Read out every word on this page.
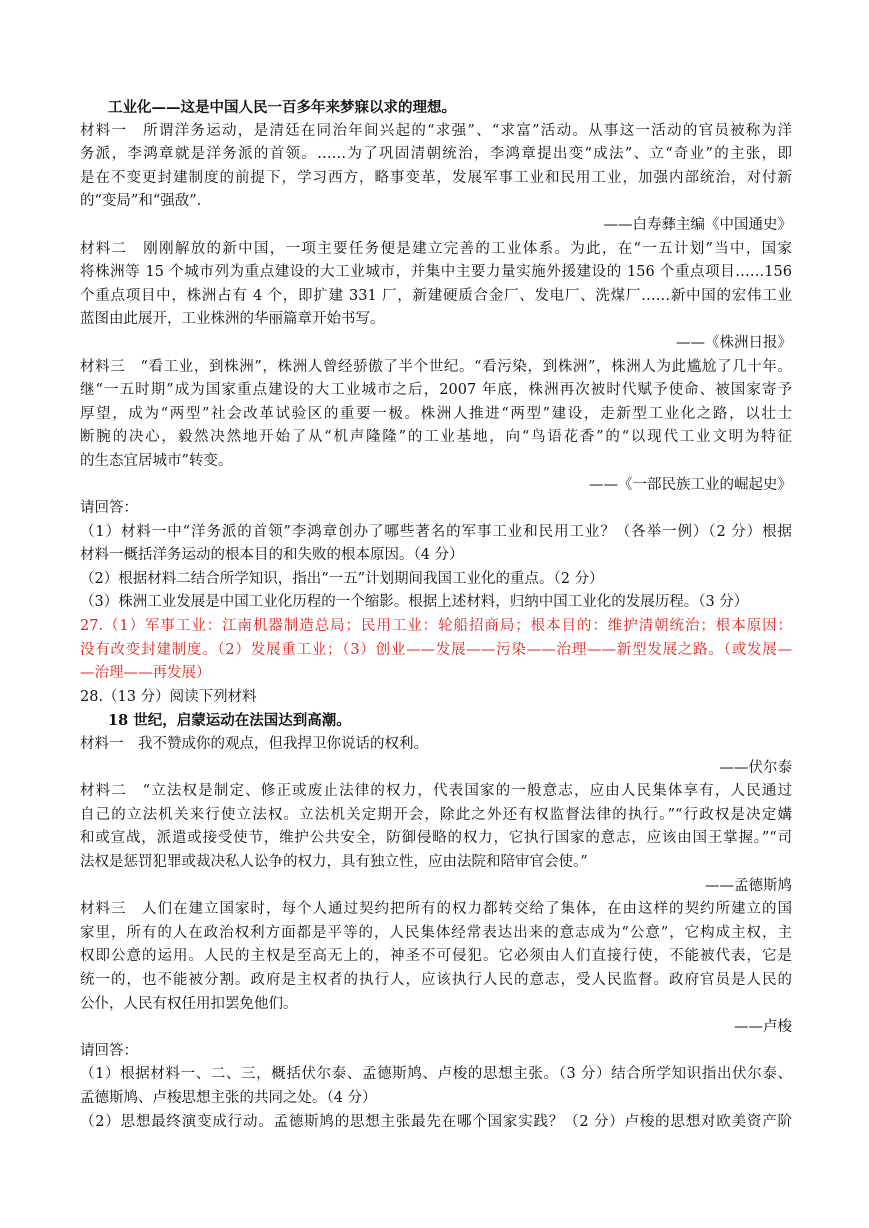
工业化——这是中国人民一百多年来梦寐以求的理想。
材料一　所谓洋务运动，是清廷在同治年间兴起的“求强”、“求富”活动。从事这一活动的官员被称为洋
务派，李鸿章就是洋务派的首领。……为了巩固清朝统治，李鸿章提出变“成法”、立“奇业”的主张，即
是在不变更封建制度的前提下，学习西方，略事变革，发展军事工业和民用工业，加强内部统治，对付新
的“变局”和“强敌”.
——白寿彝主编《中国通史》
材料二　刚刚解放的新中国，一项主要任务便是建立完善的工业体系。为此，在“一五计划”当中，国家
将株洲等 15 个城市列为重点建设的大工业城市，并集中主要力量实施外援建设的 156 个重点项目……156
个重点项目中，株洲占有 4 个，即扩建 331 厂，新建硬质合金厂、发电厂、洗煤厂……新中国的宏伟工业
蓝图由此展开，工业株洲的华丽篇章开始书写。
——《株洲日报》
材料三　“看工业，到株洲”，株洲人曾经骄傲了半个世纪。“看污染，到株洲”，株洲人为此尴尬了几十年。
继“一五时期”成为国家重点建设的大工业城市之后，2007 年底，株洲再次被时代赋予使命、被国家寄予
厚望，成为“两型”社会改革试验区的重要一极。株洲人推进“两型”建设，走新型工业化之路，以壮士
断腕的决心，毅然决然地开始了从“机声隆隆”的工业基地，向“鸟语花香”的“以现代工业文明为特征
的生态宜居城市”转变。
——《一部民族工业的崛起史》
请回答：
（1）材料一中“洋务派的首领”李鸿章创办了哪些著名的军事工业和民用工业？（各举一例）（2 分）根据
材料一概括洋务运动的根本目的和失败的根本原因。（4 分）
（2）根据材料二结合所学知识，指出“一五”计划期间我国工业化的重点。（2 分）
（3）株洲工业发展是中国工业化历程的一个缩影。根据上述材料，归纳中国工业化的发展历程。（3 分）
27.（1）军事工业：江南机器制造总局；民用工业：轮船招商局；根本目的：维护清朝统治；根本原因：
没有改变封建制度。（2）发展重工业；（3）创业——发展——污染——治理——新型发展之路。（或发展—
—治理——再发展）
28.（13 分）阅读下列材料
18 世纪，启蒙运动在法国达到高潮。
材料一　我不赞成你的观点，但我捍卫你说话的权利。
——伏尔泰
材料二　“立法权是制定、修正或废止法律的权力，代表国家的一般意志，应由人民集体享有，人民通过
自己的立法机关来行使立法权。立法机关定期开会，除此之外还有权监督法律的执行。”“行政权是决定媾
和或宣战，派遣或接受使节，维护公共安全，防御侵略的权力，它执行国家的意志，应该由国王掌握。”“司
法权是惩罚犯罪或裁决私人讼争的权力，具有独立性，应由法院和陪审官会使。”
——孟德斯鸠
材料三　人们在建立国家时，每个人通过契约把所有的权力都转交给了集体，在由这样的契约所建立的国
家里，所有的人在政治权利方面都是平等的，人民集体经常表达出来的意志成为“公意”，它构成主权，主
权即公意的运用。人民的主权是至高无上的，神圣不可侵犯。它必须由人们直接行使，不能被代表，它是
统一的，也不能被分割。政府是主权者的执行人，应该执行人民的意志，受人民监督。政府官员是人民的
公仆，人民有权任用扣罢免他们。
——卢梭
请回答：
（1）根据材料一、二、三，概括伏尔泰、孟德斯鸠、卢梭的思想主张。（3 分）结合所学知识指出伏尔泰、
孟德斯鸠、卢梭思想主张的共同之处。（4 分）
（2）思想最终演变成行动。孟德斯鸠的思想主张最先在哪个国家实践？（2 分）卢梭的思想对欧美资产阶
